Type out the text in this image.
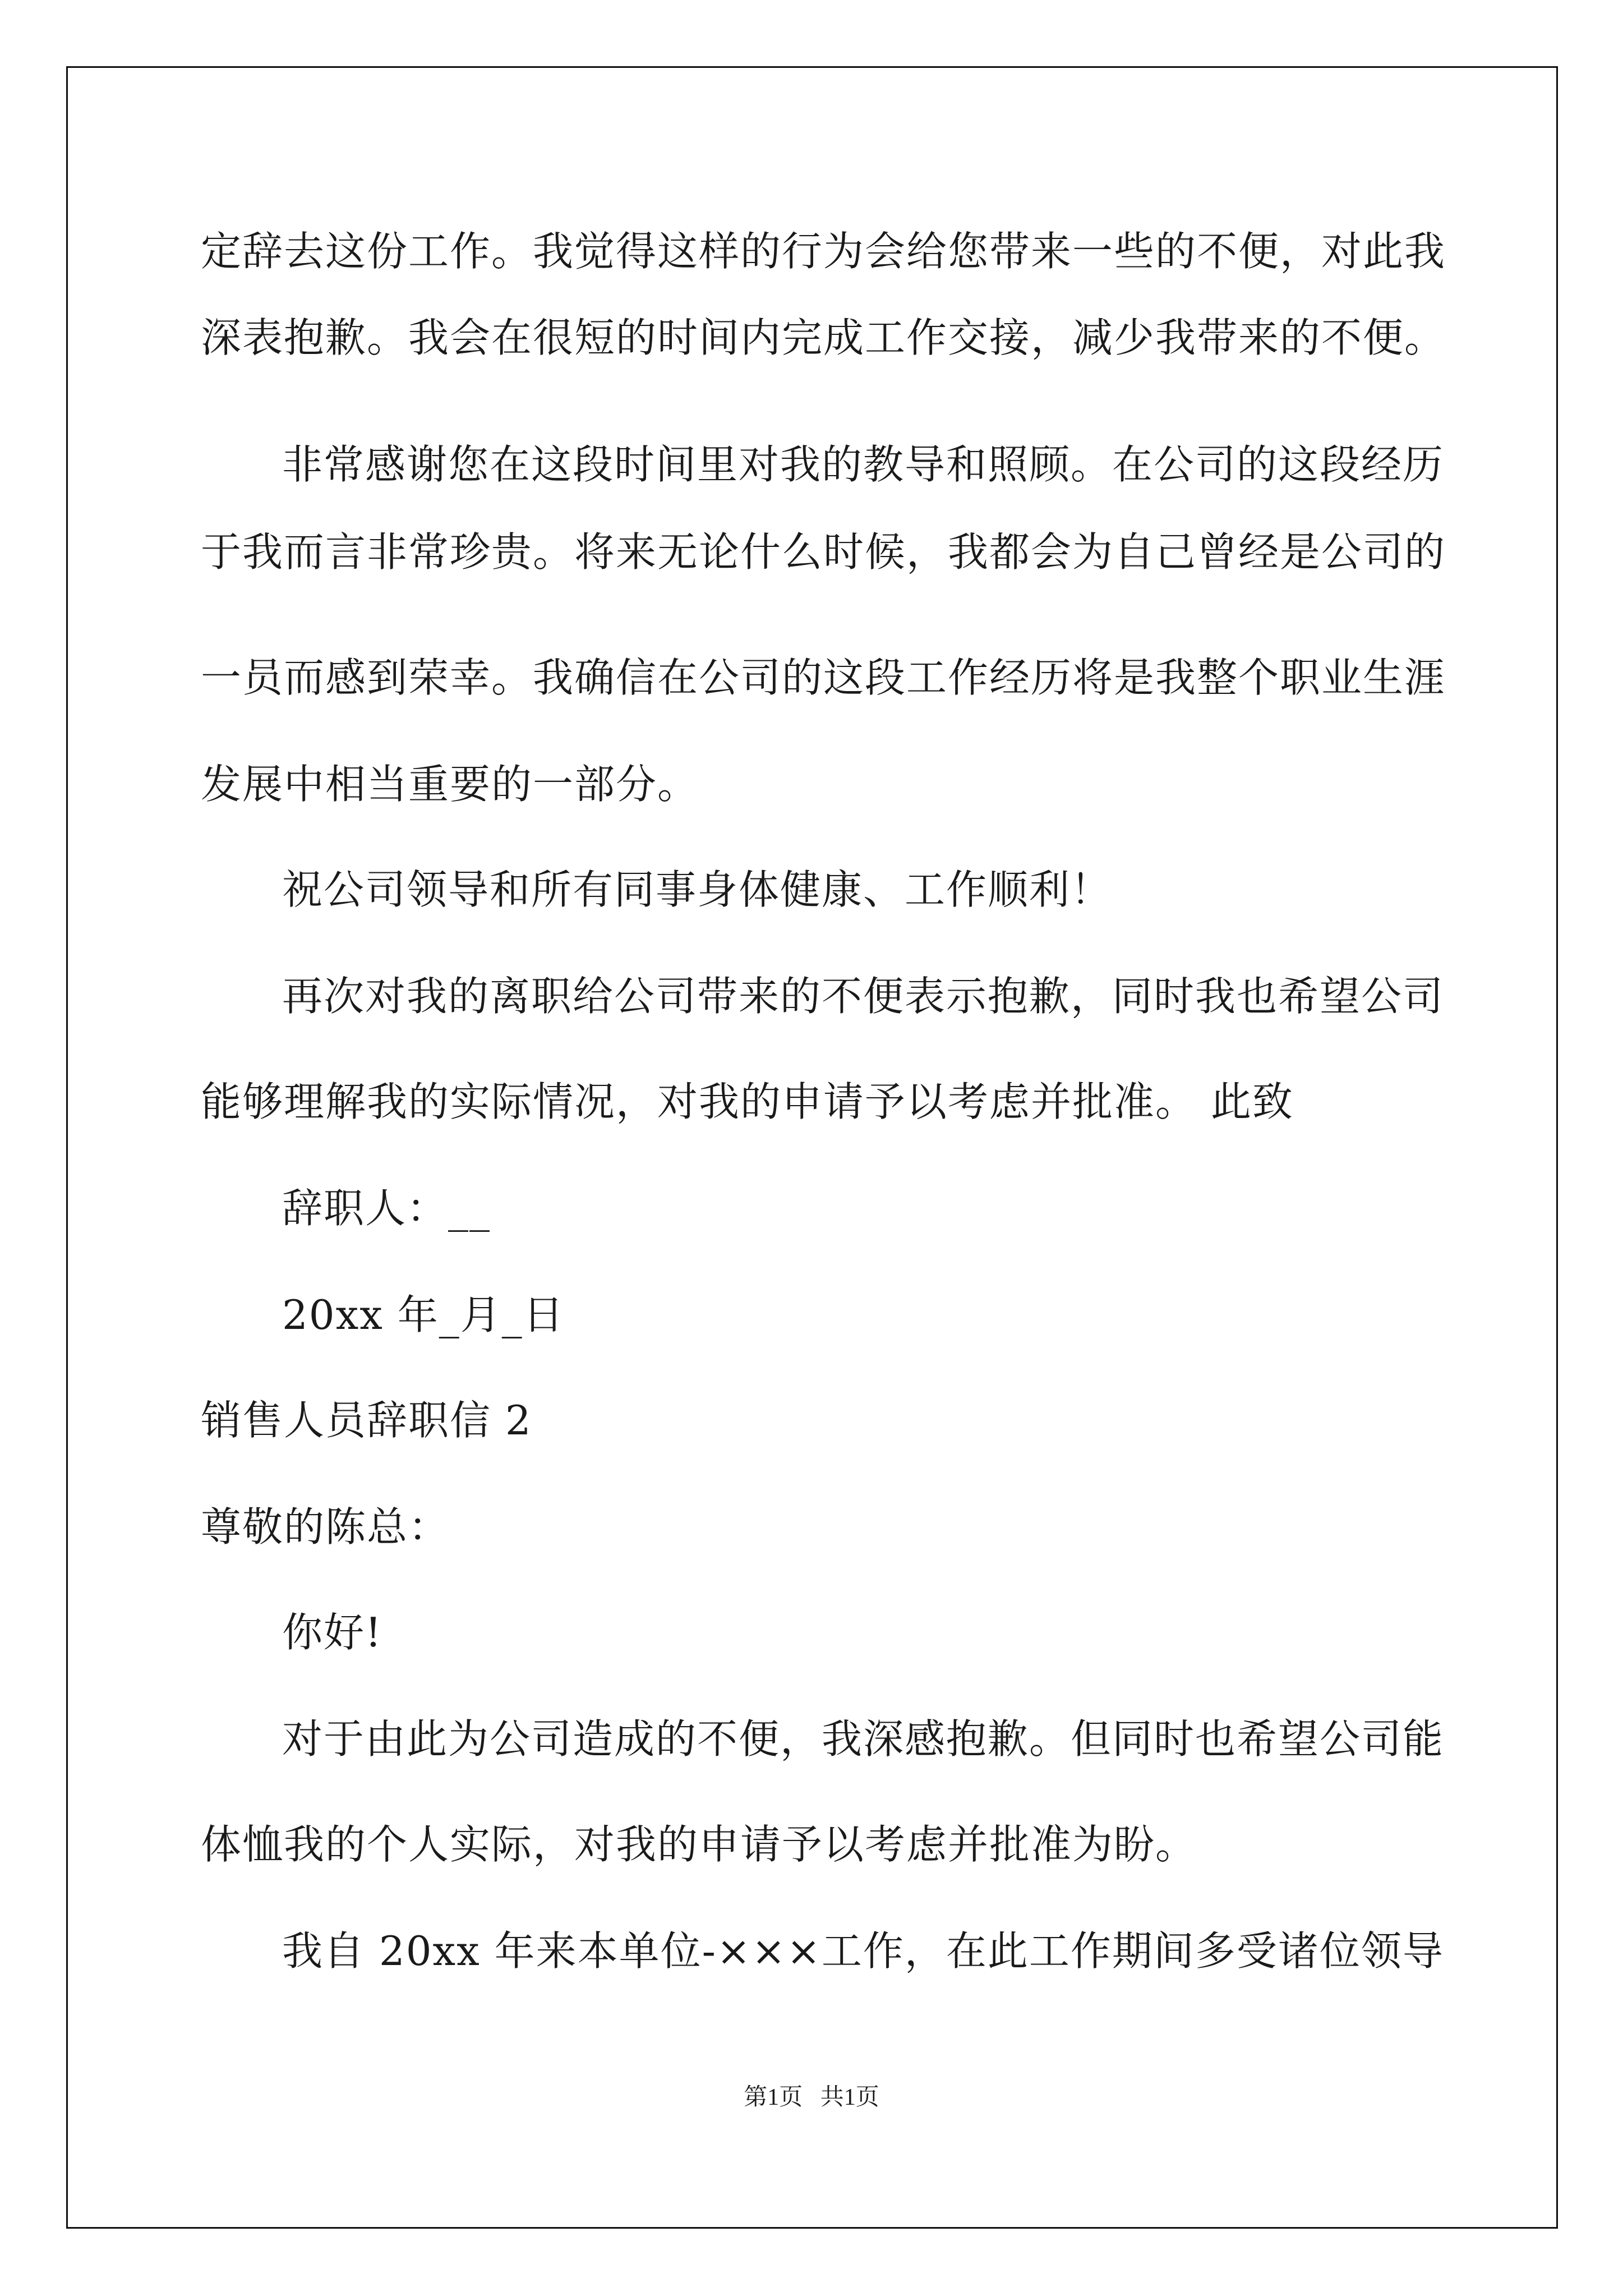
定辞去这份工作。我觉得这样的行为会给您带来一些的不便，对此我
深表抱歉。我会在很短的时间内完成工作交接，减少我带来的不便。
非常感谢您在这段时间里对我的教导和照顾。在公司的这段经历
于我而言非常珍贵。将来无论什么时候，我都会为自己曾经是公司的
一员而感到荣幸。我确信在公司的这段工作经历将是我整个职业生涯
发展中相当重要的一部分。
祝公司领导和所有同事身体健康、工作顺利！
再次对我的离职给公司带来的不便表示抱歉，同时我也希望公司
能够理解我的实际情况，对我的申请予以考虑并批准。 此致
辞职人：__
20xx 年_月_日
销售人员辞职信 2
尊敬的陈总：
你好!
对于由此为公司造成的不便，我深感抱歉。但同时也希望公司能
体恤我的个人实际，对我的申请予以考虑并批准为盼。
我自 20xx 年来本单位-×××工作，在此工作期间多受诸位领导
第1页   共1页
